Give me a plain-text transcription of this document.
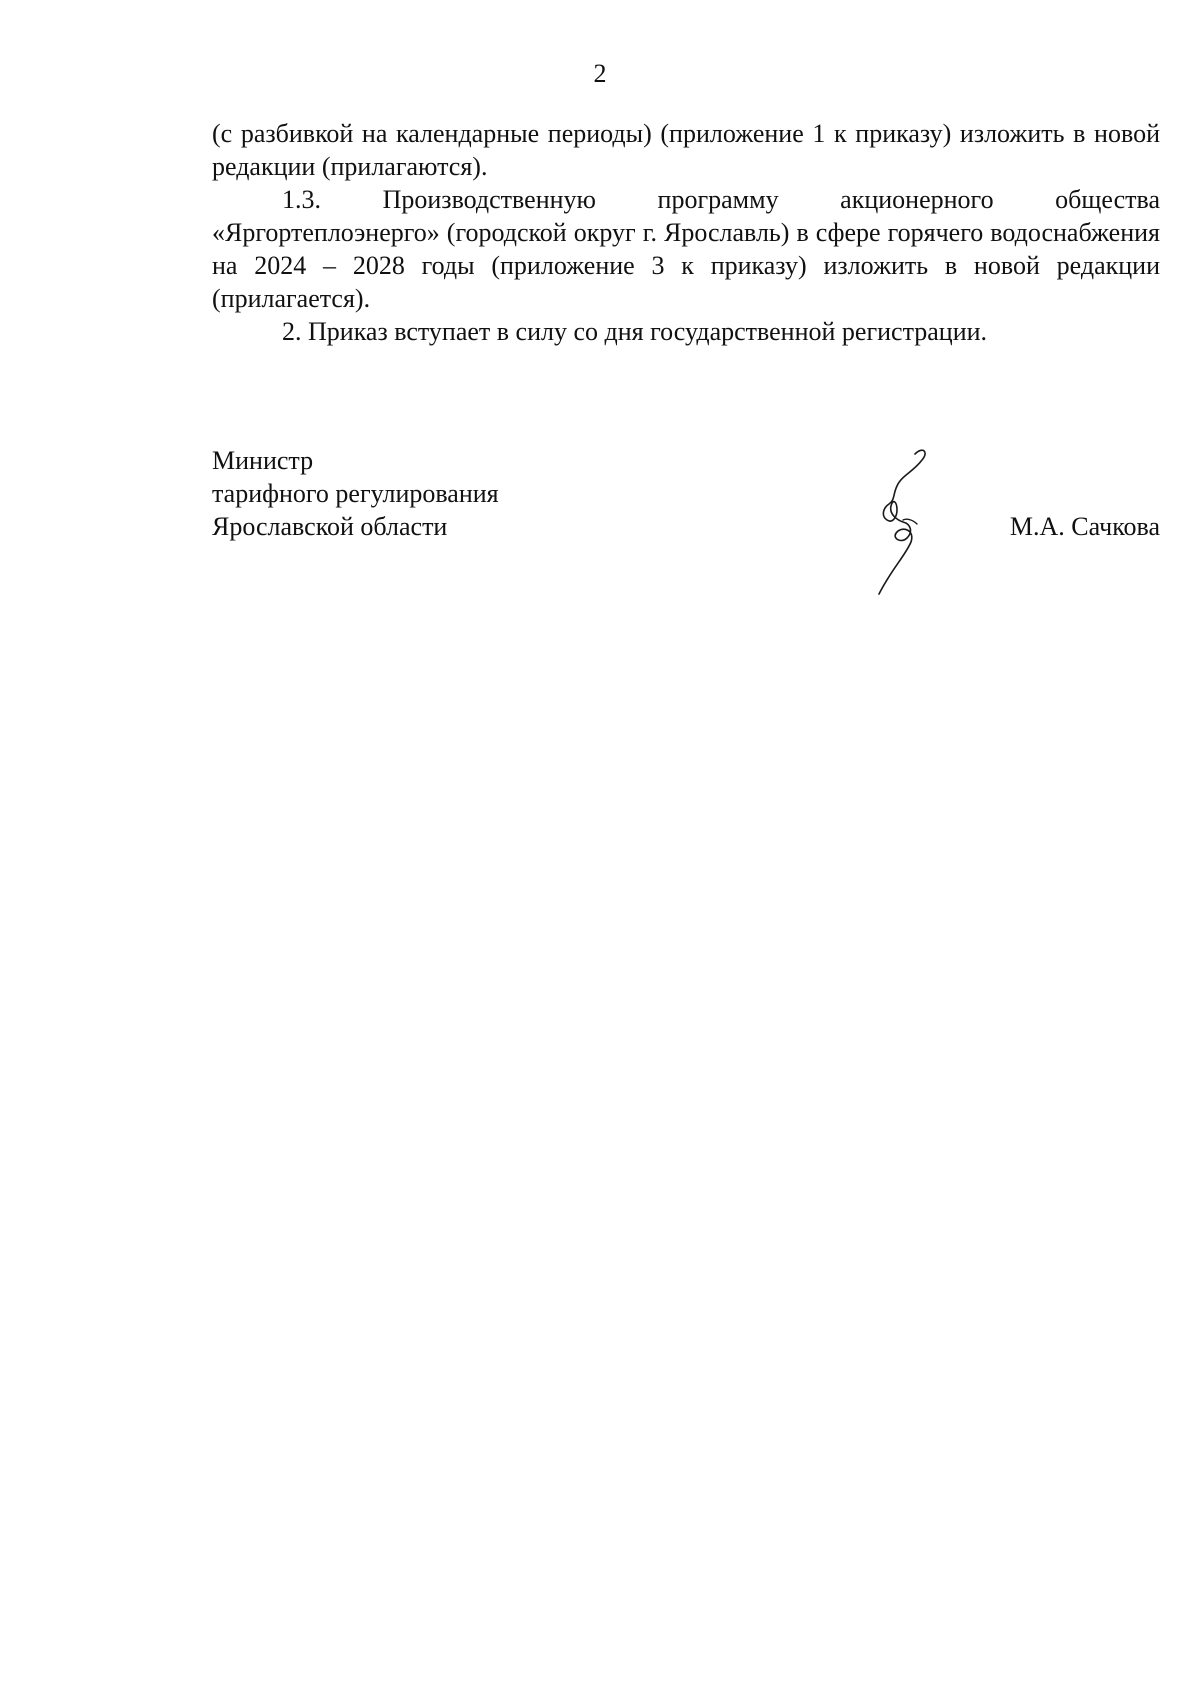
2

(с разбивкой на календарные периоды) (приложение 1 к приказу) изложить в новой редакции (прилагаются).

1.3. Производственную программу акционерного общества «Яргортеплоэнерго» (городской округ г. Ярославль) в сфере горячего водоснабжения на 2024 – 2028 годы (приложение 3 к приказу) изложить в новой редакции (прилагается).

2. Приказ вступает в силу со дня государственной регистрации.

Министр
тарифного регулирования
Ярославской области	М.А. Сачкова
